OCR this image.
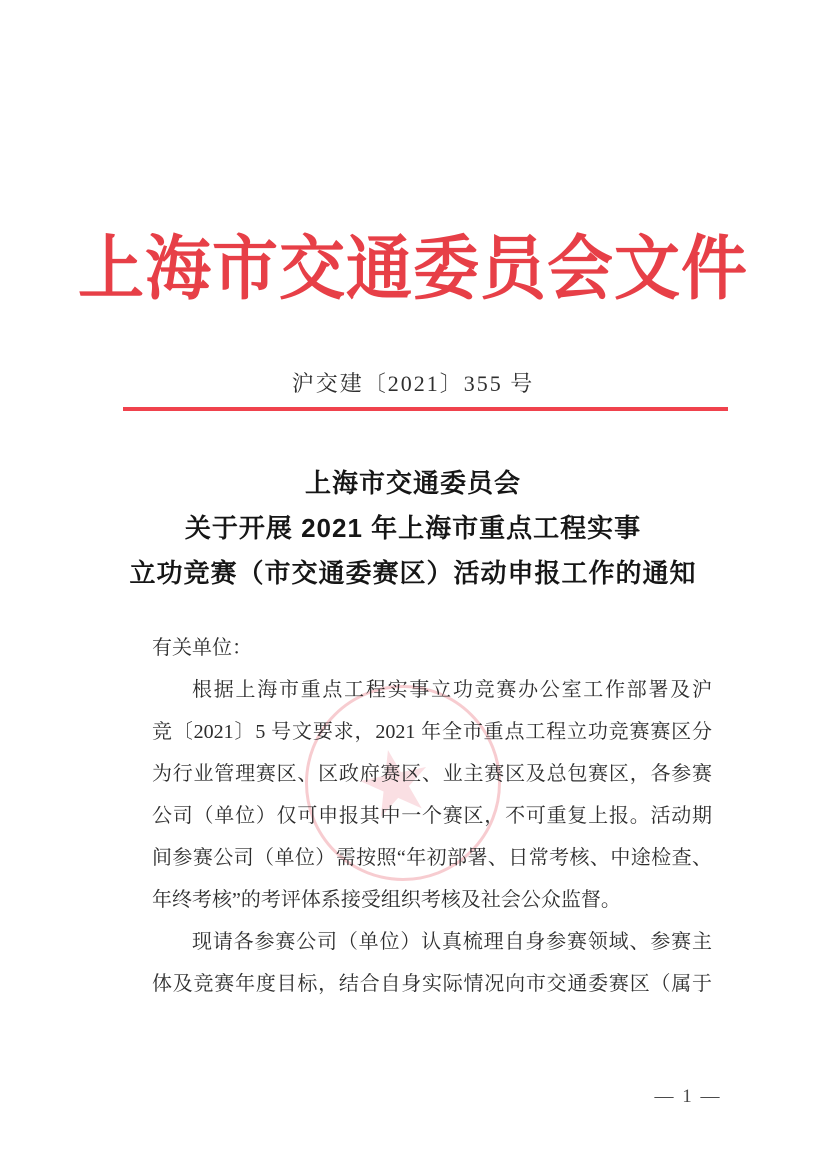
上海市交通委员会文件
沪交建〔2021〕355 号
上海市交通委员会
关于开展 2021 年上海市重点工程实事
立功竞赛（市交通委赛区）活动申报工作的通知
★
有关单位：
根据上海市重点工程实事立功竞赛办公室工作部署及沪
竞〔2021〕5 号文要求，2021 年全市重点工程立功竞赛赛区分
为行业管理赛区、区政府赛区、业主赛区及总包赛区，各参赛
公司（单位）仅可申报其中一个赛区，不可重复上报。活动期
间参赛公司（单位）需按照“年初部署、日常考核、中途检查、
年终考核”的考评体系接受组织考核及社会公众监督。
现请各参赛公司（单位）认真梳理自身参赛领域、参赛主
体及竞赛年度目标，结合自身实际情况向市交通委赛区（属于
— 1 —
